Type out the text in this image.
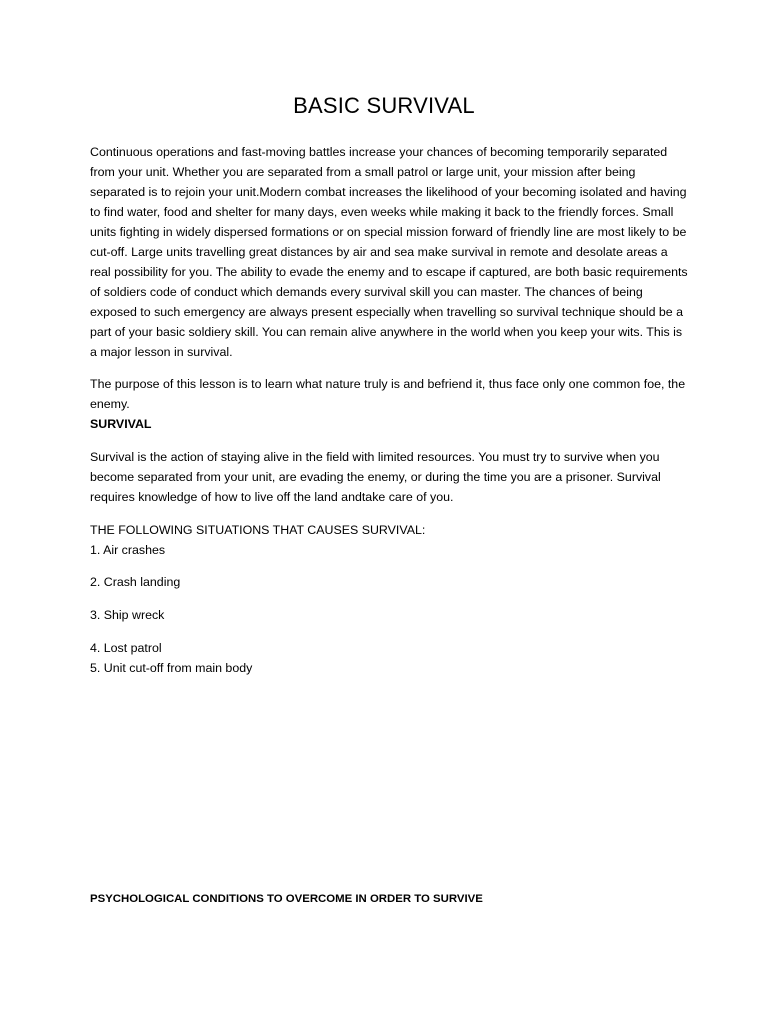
BASIC SURVIVAL

Continuous operations and fast-moving battles increase your chances of becoming temporarily separated from your unit. Whether you are separated from a small patrol or large unit, your mission after being separated is to rejoin your unit.Modern combat increases the likelihood of your becoming isolated and having to find water, food and shelter for many days, even weeks while making it back to the friendly forces. Small units fighting in widely dispersed formations or on special mission forward of friendly line are most likely to be cut-off. Large units travelling great distances by air and sea make survival in remote and desolate areas a real possibility for you. The ability to evade the enemy and to escape if captured, are both basic requirements of soldiers code of conduct which demands every survival skill you can master. The chances of being exposed to such emergency are always present especially when travelling so survival technique should be a part of your basic soldiery skill. You can remain alive anywhere in the world when you keep your wits. This is a major lesson in survival.

The purpose of this lesson is to learn what nature truly is and befriend it, thus face only one common foe, the enemy.

SURVIVAL

Survival is the action of staying alive in the field with limited resources. You must try to survive when you become separated from your unit, are evading the enemy, or during the time you are a prisoner. Survival requires knowledge of how to live off the land andtake care of you.

THE FOLLOWING SITUATIONS THAT CAUSES SURVIVAL:

1. Air crashes

2. Crash landing

3. Ship wreck

4. Lost patrol

5. Unit cut-off from main body

PSYCHOLOGICAL CONDITIONS TO OVERCOME IN ORDER TO SURVIVE
